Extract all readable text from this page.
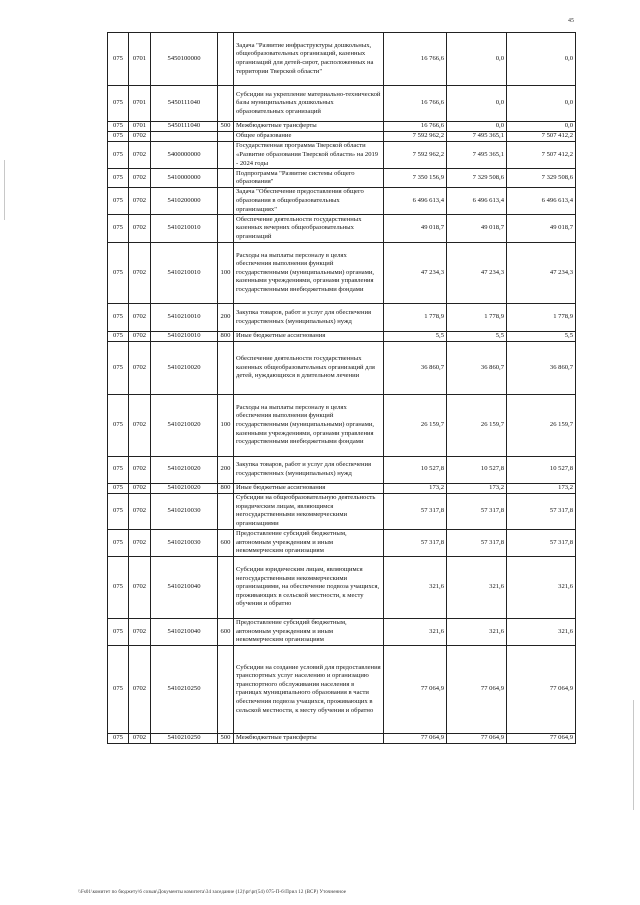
45
075	0701	5450100000		Задача "Развитие инфраструктуры дошкольных, общеобразовательных организаций, казенных организаций для детей-сирот, расположенных на территории Тверской области"	16 766,6	0,0	0,0
075	0701	5450111040		Субсидии на укрепление материально-технической базы муниципальных дошкольных образовательных организаций	16 766,6	0,0	0,0
075	0701	5450111040	500	Межбюджетные трансферты	16 766,6	0,0	0,0
075	0702			Общее образование	7 592 962,2	7 495 365,1	7 507 412,2
075	0702	5400000000		Государственная программа Тверской области «Развитие образования Тверской области» на 2019 - 2024 годы	7 592 962,2	7 495 365,1	7 507 412,2
075	0702	5410000000		Подпрограмма "Развитие системы общего образования"	7 350 156,9	7 329 508,6	7 329 508,6
075	0702	5410200000		Задача "Обеспечение предоставления общего образования в общеобразовательных организациях"	6 496 613,4	6 496 613,4	6 496 613,4
075	0702	5410210010		Обеспечение деятельности государственных казенных вечерних общеобразовательных организаций	49 018,7	49 018,7	49 018,7
075	0702	5410210010	100	Расходы на выплаты персоналу в целях обеспечения выполнения функций государственными (муниципальными) органами, казенными учреждениями, органами управления государственными внебюджетными фондами	47 234,3	47 234,3	47 234,3
075	0702	5410210010	200	Закупка товаров, работ и услуг для обеспечения государственных (муниципальных) нужд	1 778,9	1 778,9	1 778,9
075	0702	5410210010	800	Иные бюджетные ассигнования	5,5	5,5	5,5
075	0702	5410210020		Обеспечение деятельности государственных казенных общеобразовательных организаций для детей, нуждающихся в длительном лечении	36 860,7	36 860,7	36 860,7
075	0702	5410210020	100	Расходы на выплаты персоналу в целях обеспечения выполнения функций государственными (муниципальными) органами, казенными учреждениями, органами управления государственными внебюджетными фондами	26 159,7	26 159,7	26 159,7
075	0702	5410210020	200	Закупка товаров, работ и услуг для обеспечения государственных (муниципальных) нужд	10 527,8	10 527,8	10 527,8
075	0702	5410210020	800	Иные бюджетные ассигнования	173,2	173,2	173,2
075	0702	5410210030		Субсидии на общеобразовательную деятельность юридическим лицам, являющимся негосударственными некоммерческими организациями	57 317,8	57 317,8	57 317,8
075	0702	5410210030	600	Предоставление субсидий бюджетным, автономным учреждениям и иным некоммерческим организациям	57 317,8	57 317,8	57 317,8
075	0702	5410210040		Субсидии юридическим лицам, являющимся негосударственными некоммерческими организациями, на обеспечение подвоза учащихся, проживающих в сельской местности, к месту обучения и обратно	321,6	321,6	321,6
075	0702	5410210040	600	Предоставление субсидий бюджетным, автономным учреждениям и иным некоммерческим организациям	321,6	321,6	321,6
075	0702	5410210250		Субсидии на создание условий для предоставления транспортных услуг населению и организацию транспортного обслуживания населения в границах муниципального образования в части обеспечения подвоза учащихся, проживающих в сельской местности, к месту обучения и обратно	77 064,9	77 064,9	77 064,9
075	0702	5410210250	500	Межбюджетные трансферты	77 064,9	77 064,9	77 064,9
\\Fs01\комитет по бюджету\6 созыв\Документы комитета\34 заседание (12)\pr\pr(54) 075-П-6\Прил 12 (ВСР) Уточненное
